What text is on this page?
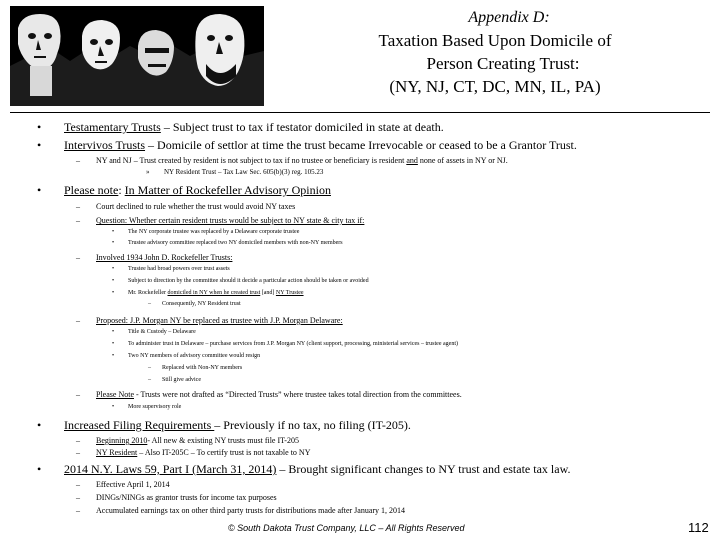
Appendix D:
Taxation Based Upon Domicile of
Person Creating Trust:
(NY, NJ, CT, DC, MN, IL, PA)
• Testamentary Trusts – Subject trust to tax if testator domiciled in state at death.
• Intervivos Trusts – Domicile of settlor at time the trust became Irrevocable or ceased to be a Grantor Trust.
– NY and NJ – Trust created by resident is not subject to tax if no trustee or beneficiary is resident and none of assets in NY or NJ.
» NY Resident Trust – Tax Law Sec. 605(b)(3) reg. 105.23
• Please note: In Matter of Rockefeller Advisory Opinion
– Court declined to rule whether the trust would avoid NY taxes
– Question: Whether certain resident trusts would be subject to NY state & city tax if:
• The NY corporate trustee was replaced by a Delaware corporate trustee
• Trustee advisory committee replaced two NY domiciled members with non-NY members
– Involved 1934 John D. Rockefeller Trusts:
• Trustee had broad powers over trust assets
• Subject to direction by the committee should it decide a particular action should be taken or avoided
• Mr. Rockefeller domiciled in NY when he created trust [and] NY Trustee
– Consequently, NY Resident trust
– Proposed: J.P. Morgan NY be replaced as trustee with J.P. Morgan Delaware:
• Title & Custody – Delaware
• To administer trust in Delaware – purchase services from J.P. Morgan NY (client support, processing, ministerial services – trustee agent)
• Two NY members of advisory committee would resign
– Replaced with Non-NY members
– Still give advice
– Please Note - Trusts were not drafted as “Directed Trusts” where trustee takes total direction from the committees.
• More supervisory role
• Increased Filing Requirements – Previously if no tax, no filing (IT-205).
– Beginning 2010- All new & existing NY trusts must file IT-205
– NY Resident – Also IT-205C – To certify trust is not taxable to NY
• 2014 N.Y. Laws 59, Part I (March 31, 2014) – Brought significant changes to NY trust and estate tax law.
– Effective April 1, 2014
– DINGs/NINGs as grantor trusts for income tax purposes
– Accumulated earnings tax on other third party trusts for distributions made after January 1, 2014
© South Dakota Trust Company, LLC – All Rights Reserved	112
